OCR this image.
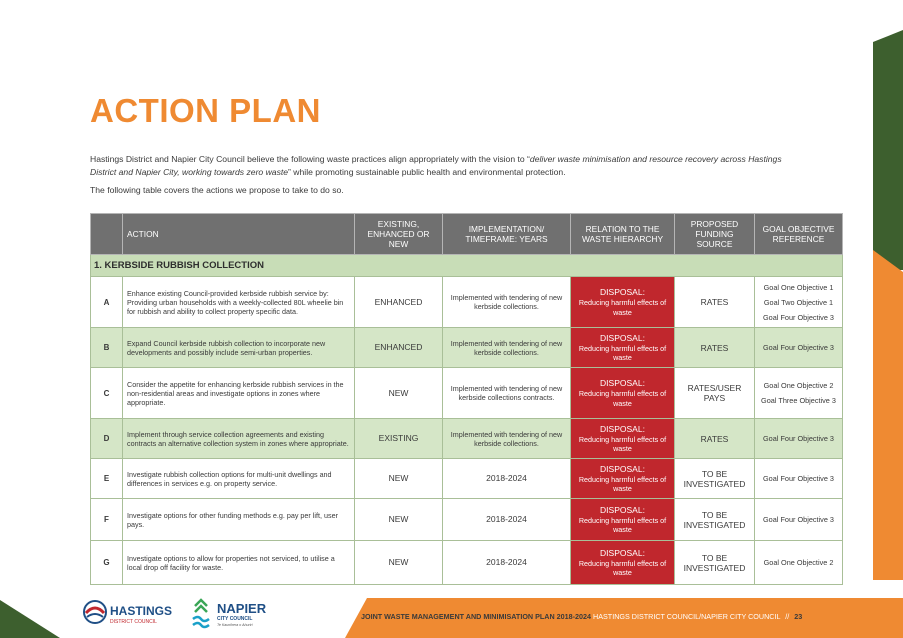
ACTION PLAN

Hastings District and Napier City Council believe the following waste practices align appropriately with the vision to “deliver waste minimisation and resource recovery across Hastings District and Napier City, working towards zero waste” while promoting sustainable public health and environmental protection.

The following table covers the actions we propose to take to do so.

	ACTION	EXISTING, ENHANCED OR NEW	IMPLEMENTATION/ TIMEFRAME: YEARS	RELATION TO THE WASTE HIERARCHY	PROPOSED FUNDING SOURCE	GOAL OBJECTIVE REFERENCE
1. KERBSIDE RUBBISH COLLECTION						
A	Enhance existing Council-provided kerbside rubbish service by: Providing urban households with a weekly-collected 80L wheelie bin for rubbish and ability to collect property specific data.	ENHANCED	Implemented with tendering of new kerbside collections.	DISPOSAL:
Reducing harmful effects of waste	RATES	Goal One Objective 1
Goal Two Objective 1
Goal Four Objective 3

B	Expand Council kerbside rubbish collection to incorporate new developments and possibly include semi-urban properties.	ENHANCED	Implemented with tendering of new kerbside collections.	DISPOSAL:
Reducing harmful effects of waste	RATES	Goal Four Objective 3

C	Consider the appetite for enhancing kerbside rubbish services in the non-residential areas and investigate options in zones where appropriate.	NEW	Implemented with tendering of new kerbside collections contracts.	DISPOSAL:
Reducing harmful effects of waste	RATES/USER PAYS	Goal One Objective 2
Goal Three Objective 3

D	Implement through service collection agreements and existing contracts an alternative collection system in zones where appropriate.	EXISTING	Implemented with tendering of new kerbside collections.	DISPOSAL:
Reducing harmful effects of waste	RATES	Goal Four Objective 3

E	Investigate rubbish collection options for multi-unit dwellings and differences in services e.g. on property service.	NEW	2018-2024	DISPOSAL:
Reducing harmful effects of waste	TO BE INVESTIGATED	Goal Four Objective 3

F	Investigate options for other funding methods e.g. pay per lift, user pays.	NEW	2018-2024	DISPOSAL:
Reducing harmful effects of waste	TO BE INVESTIGATED	Goal Four Objective 3

G	Investigate options to allow for properties not serviced, to utilise a local drop off facility for waste.	NEW	2018-2024	DISPOSAL:
Reducing harmful effects of waste	TO BE INVESTIGATED	Goal One Objective 2
HASTINGS
DISTRICT COUNCIL
NAPIER
CITY COUNCIL
Te Kaunihera o Ahuriri
JOINT WASTE MANAGEMENT AND MINIMISATION PLAN 2018-2024 HASTINGS DISTRICT COUNCIL/NAPIER CITY COUNCIL // 23
